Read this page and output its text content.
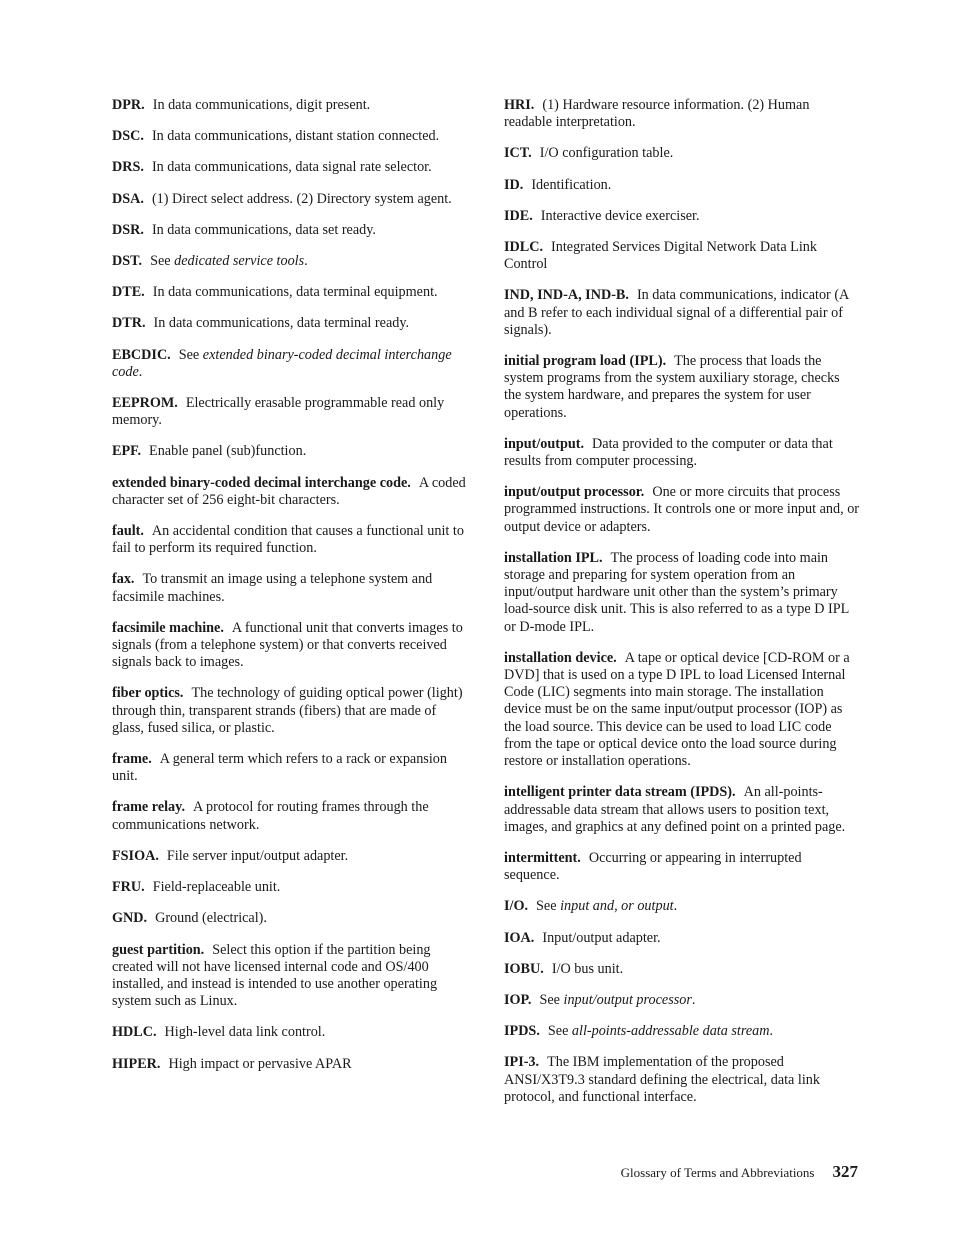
DPR. In data communications, digit present.
DSC. In data communications, distant station connected.
DRS. In data communications, data signal rate selector.
DSA. (1) Direct select address. (2) Directory system agent.
DSR. In data communications, data set ready.
DST. See dedicated service tools.
DTE. In data communications, data terminal equipment.
DTR. In data communications, data terminal ready.
EBCDIC. See extended binary-coded decimal interchange code.
EEPROM. Electrically erasable programmable read only memory.
EPF. Enable panel (sub)function.
extended binary-coded decimal interchange code. A coded character set of 256 eight-bit characters.
fault. An accidental condition that causes a functional unit to fail to perform its required function.
fax. To transmit an image using a telephone system and facsimile machines.
facsimile machine. A functional unit that converts images to signals (from a telephone system) or that converts received signals back to images.
fiber optics. The technology of guiding optical power (light) through thin, transparent strands (fibers) that are made of glass, fused silica, or plastic.
frame. A general term which refers to a rack or expansion unit.
frame relay. A protocol for routing frames through the communications network.
FSIOA. File server input/output adapter.
FRU. Field-replaceable unit.
GND. Ground (electrical).
guest partition. Select this option if the partition being created will not have licensed internal code and OS/400 installed, and instead is intended to use another operating system such as Linux.
HDLC. High-level data link control.
HIPER. High impact or pervasive APAR
HRI. (1) Hardware resource information. (2) Human readable interpretation.
ICT. I/O configuration table.
ID. Identification.
IDE. Interactive device exerciser.
IDLC. Integrated Services Digital Network Data Link Control
IND, IND-A, IND-B. In data communications, indicator (A and B refer to each individual signal of a differential pair of signals).
initial program load (IPL). The process that loads the system programs from the system auxiliary storage, checks the system hardware, and prepares the system for user operations.
input/output. Data provided to the computer or data that results from computer processing.
input/output processor. One or more circuits that process programmed instructions. It controls one or more input and, or output device or adapters.
installation IPL. The process of loading code into main storage and preparing for system operation from an input/output hardware unit other than the system’s primary load-source disk unit. This is also referred to as a type D IPL or D-mode IPL.
installation device. A tape or optical device [CD-ROM or a DVD] that is used on a type D IPL to load Licensed Internal Code (LIC) segments into main storage. The installation device must be on the same input/output processor (IOP) as the load source. This device can be used to load LIC code from the tape or optical device onto the load source during restore or installation operations.
intelligent printer data stream (IPDS). An all-points-addressable data stream that allows users to position text, images, and graphics at any defined point on a printed page.
intermittent. Occurring or appearing in interrupted sequence.
I/O. See input and, or output.
IOA. Input/output adapter.
IOBU. I/O bus unit.
IOP. See input/output processor.
IPDS. See all-points-addressable data stream.
IPI-3. The IBM implementation of the proposed ANSI/X3T9.3 standard defining the electrical, data link protocol, and functional interface.
Glossary of Terms and Abbreviations 327
